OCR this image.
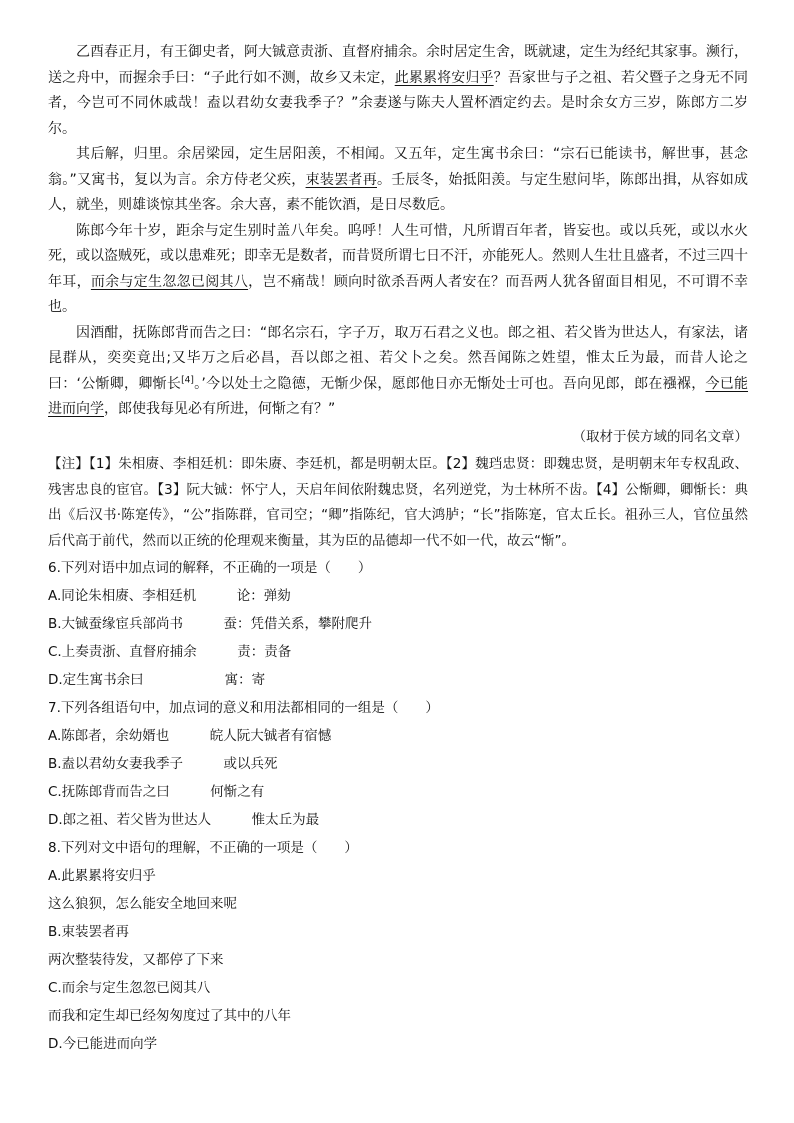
乙酉春正月，有王御史者，阿大铖意责浙、直督府捕余。余时居定生舍，既就逮，定生为经纪其家事。濒行，送之舟中，而握余手曰：“子此行如不测，故乡又未定，此累累将安归乎？吾家世与子之祖、若父暨子之身无不同者，今岂可不同休戚哉！盍以君幼女妻我季子？”余妻遂与陈夫人置杯酒定约去。是时余女方三岁，陈郎方二岁尔。

其后解，归里。余居梁园，定生居阳羡，不相闻。又五年，定生寓书余曰：“宗石已能读书，解世事，甚念翁。”又寓书，复以为言。余方侍老父疾，束装罢者再。壬辰冬，始抵阳羡。与定生慰问毕，陈郎出揖，从容如成人，就坐，则雄谈惊其坐客。余大喜，素不能饮酒，是日尽数卮。

陈郎今年十岁，距余与定生别时盖八年矣。呜呼！人生可惜，凡所谓百年者，皆妄也。或以兵死，或以水火死，或以盗贼死，或以患难死；即幸无是数者，而昔贤所谓七日不汗，亦能死人。然则人生壮且盛者，不过三四十年耳，而余与定生忽忽已阅其八，岂不痛哉！顾向时欲杀吾两人者安在？而吾两人犹各留面目相见，不可谓不幸也。

因酒酣，抚陈郎背而告之曰：“郎名宗石，字子万，取万石君之义也。郎之祖、若父皆为世达人，有家法，诸昆群从，奕奕竟出;又毕万之后必昌，吾以郎之祖、若父卜之矣。然吾闻陈之姓望，惟太丘为最，而昔人论之曰：‘公惭卿，卿惭长[4]。’今以处士之隐德，无惭少保，愿郎他日亦无惭处士可也。吾向见郎，郎在襁褓，今已能进而向学，郎使我每见必有所进，何惭之有？”

（取材于侯方域的同名文章）
【注】【1】朱相赓、李相廷机：即朱赓、李廷机，都是明朝太臣。【2】魏珰忠贤：即魏忠贤，是明朝末年专权乱政、残害忠良的宦官。【3】阮大铖：怀宁人，天启年间依附魏忠贤，名列逆党，为士林所不齿。【4】公惭卿，卿惭长：典出《后汉书·陈寔传》，“公”指陈群，官司空；“卿”指陈纪，官大鸿胪；“长”指陈寔，官太丘长。祖孙三人，官位虽然后代高于前代，然而以正统的伦理观来衡量，其为臣的品德却一代不如一代，故云“惭”。
6.下列对语中加点词的解释，不正确的一项是（　　）
A.同论朱相赓、李相廷机　　　论：弹劾
B.大铖蚕缘宦兵部尚书　　　蚕：凭借关系，攀附爬升
C.上奏责浙、直督府捕余　　　责：责备
D.定生寓书余曰　　　　　　寓：寄
7.下列各组语句中，加点词的意义和用法都相同的一组是（　　）
A.陈郎者，余幼婿也　　　皖人阮大铖者有宿憾
B.盍以君幼女妻我季子　　　或以兵死
C.抚陈郎背而告之曰　　　何惭之有
D.郎之祖、若父皆为世达人　　　惟太丘为最
8.下列对文中语句的理解，不正确的一项是（　　）
A.此累累将安归乎
这么狼狈，怎么能安全地回来呢
B.束装罢者再
两次整装待发，又都停了下来
C.而余与定生忽忽已阅其八
而我和定生却已经匆匆度过了其中的八年
D.今已能进而向学
